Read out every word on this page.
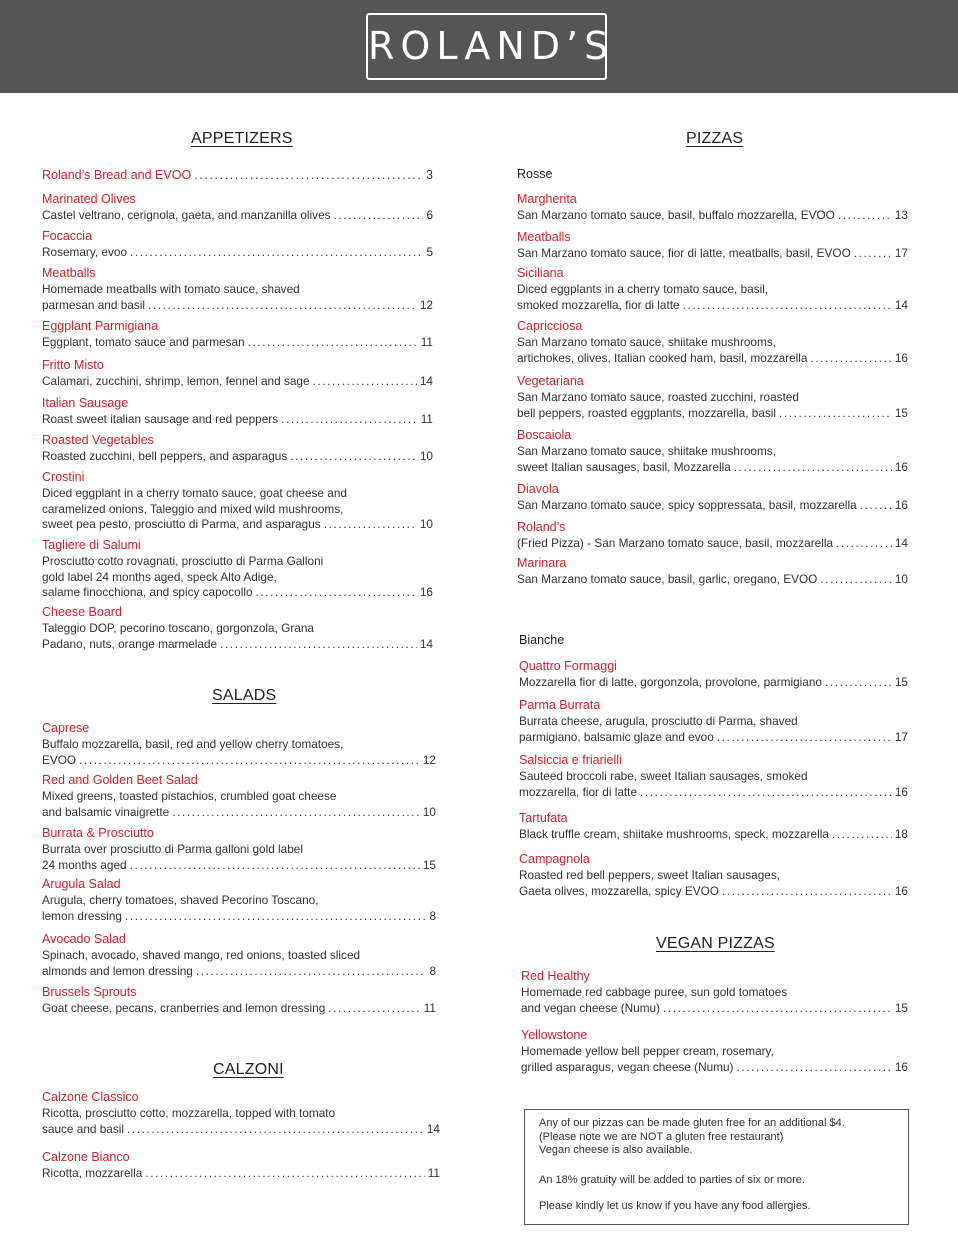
ROLAND’S
APPETIZERS
SALADS
CALZONI
PIZZAS
Rosse
Bianche
VEGAN PIZZAS
Roland’s Bread and EVOO .....	3
Marinated Olives
Castel veltrano, cerignola, gaeta, and manzanilla olives .....	6
Focaccia
Rosemary, evoo .....	5
Meatballs
Homemade meatballs with tomato sauce, shaved
parmesan and basil .....	12
Eggplant Parmigiana
Eggplant, tomato sauce and parmesan .....	11
Fritto Misto
Calamari, zucchini, shrimp, lemon, fennel and sage .....	14
Italian Sausage
Roast sweet italian sausage and red peppers .....	11
Roasted Vegetables
Roasted zucchini, bell peppers, and asparagus .....	10
Crostini
Diced eggplant in a cherry tomato sauce, goat cheese and
caramelized onions, Taleggio and mixed wild mushrooms,
sweet pea pesto, prosciutto di Parma, and asparagus .....	10
Tagliere di Salumi
Prosciutto cotto rovagnati, prosciutto di Parma Galloni
gold label 24 months aged, speck Alto Adige,
salame finocchiona, and spicy capocollo .....	16
Cheese Board
Taleggio DOP, pecorino toscano, gorgonzola, Grana
Padano, nuts, orange marmelade .....	14
Caprese
Buffalo mozzarella, basil, red and yellow cherry tomatoes,
EVOO .....	12
Red and Golden Beet Salad
Mixed greens, toasted pistachios, crumbled goat cheese
and balsamic vinaigrette .....	10
Burrata & Prosciutto
Burrata over prosciutto di Parma galloni gold label
24 months aged .....	15
Arugula Salad
Arugula, cherry tomatoes, shaved Pecorino Toscano,
lemon dressing .....	8
Avocado Salad
Spinach, avocado, shaved mango, red onions, toasted sliced
almonds and lemon dressing .....	8
Brussels Sprouts
Goat cheese, pecans, cranberries and lemon dressing .....	11
Calzone Classico
Ricotta, prosciutto cotto, mozzarella, topped with tomato
sauce and basil .....	14
Calzone Bianco
Ricotta, mozzarella .....	11
Margherita
San Marzano tomato sauce, basil, buffalo mozzarella, EVOO .....	13
Meatballs
San Marzano tomato sauce, fior di latte, meatballs, basil, EVOO .....	17
Siciliana
Diced eggplants in a cherry tomato sauce, basil,
smoked mozzarella, fior di latte .....	14
Capricciosa
San Marzano tomato sauce, shiitake mushrooms,
artichokes, olives, Italian cooked ham, basil, mozzarella .....	16
Vegetariana
San Marzano tomato sauce, roasted zucchini, roasted
bell peppers, roasted eggplants, mozzarella, basil .....	15
Boscaiola
San Marzano tomato sauce, shiitake mushrooms,
sweet Italian sausages, basil, Mozzarella .....	16
Diavola
San Marzano tomato sauce, spicy soppressata, basil, mozzarella .....	16
Roland’s
(Fried Pizza) - San Marzano tomato sauce, basil, mozzarella .....	14
Marinara
San Marzano tomato sauce, basil, garlic, oregano, EVOO .....	10
Quattro Formaggi
Mozzarella fior di latte, gorgonzola, provolone, parmigiano .....	15
Parma Burrata
Burrata cheese, arugula, prosciutto di Parma, shaved
parmigiano, balsamic glaze and evoo .....	17
Salsiccia e friarielli
Sauteed broccoli rabe, sweet Italian sausages, smoked
mozzarella, fior di latte .....	16
Tartufata
Black truffle cream, shiitake mushrooms, speck, mozzarella .....	18
Campagnola
Roasted red bell peppers, sweet Italian sausages,
Gaeta olives, mozzarella, spicy EVOO .....	16
Red Healthy
Homemade red cabbage puree, sun gold tomatoes
and vegan cheese (Numu) .....	15
Yellowstone
Homemade yellow bell pepper cream, rosemary,
grilled asparagus, vegan cheese (Numu) .....	16

Any of our pizzas can be made gluten free for an additional $4.

(Please note we are NOT a gluten free restaurant)

Vegan cheese is also available.

An 18% gratuity will be added to parties of six or more.

Please kindly let us know if you have any food allergies.
